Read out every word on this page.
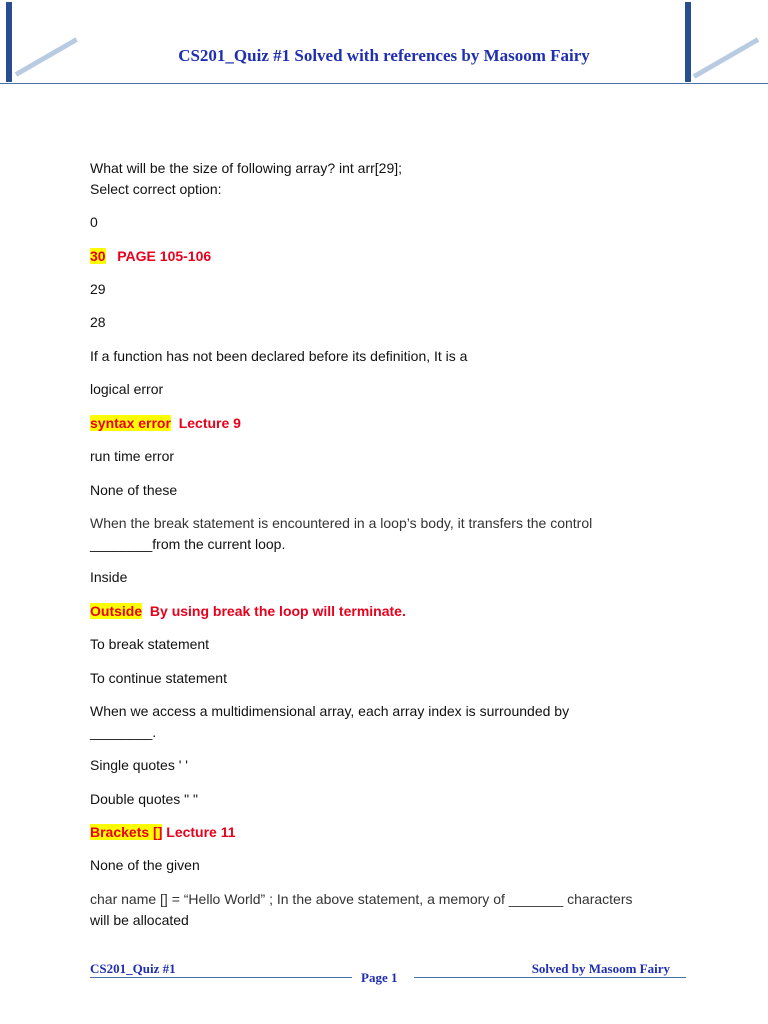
CS201_Quiz #1 Solved with references by Masoom Fairy
What will be the size of following array? int arr[29];
Select correct option:
0
30 PAGE 105-106
29
28
If a function has not been declared before its definition, It is a
logical error
syntax error Lecture 9
run time error
None of these
When the break statement is encountered in a loop’s body, it transfers the control
________from the current loop.
Inside
Outside By using break the loop will terminate.
To break statement
To continue statement
When we access a multidimensional array, each array index is surrounded by
________.
Single quotes ' '
Double quotes " "
Brackets [] Lecture 11
None of the given
char name [] = “Hello World” ; In the above statement, a memory of _______ characters
will be allocated
CS201_Quiz #1
Page 1
Solved by Masoom Fairy
